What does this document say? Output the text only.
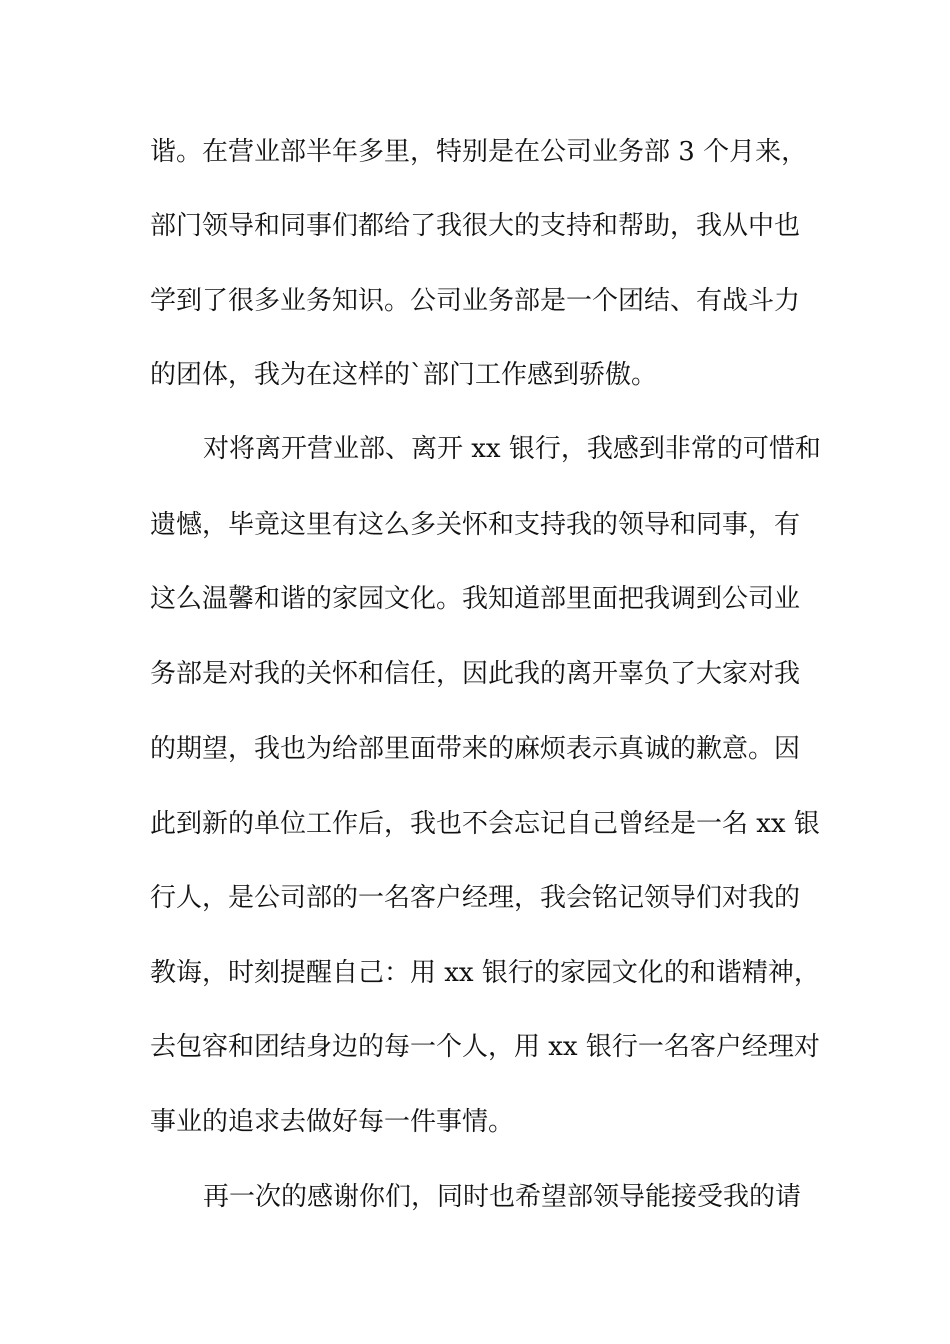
谐。在营业部半年多里，特别是在公司业务部 3 个月来，
部门领导和同事们都给了我很大的支持和帮助，我从中也
学到了很多业务知识。公司业务部是一个团结、有战斗力
的团体，我为在这样的`部门工作感到骄傲。
对将离开营业部、离开 xx 银行，我感到非常的可惜和
遗憾，毕竟这里有这么多关怀和支持我的领导和同事，有
这么温馨和谐的家园文化。我知道部里面把我调到公司业
务部是对我的关怀和信任，因此我的离开辜负了大家对我
的期望，我也为给部里面带来的麻烦表示真诚的歉意。因
此到新的单位工作后，我也不会忘记自己曾经是一名 xx 银
行人，是公司部的一名客户经理，我会铭记领导们对我的
教诲，时刻提醒自己：用 xx 银行的家园文化的和谐精神，
去包容和团结身边的每一个人，用 xx 银行一名客户经理对
事业的追求去做好每一件事情。
再一次的感谢你们，同时也希望部领导能接受我的请
